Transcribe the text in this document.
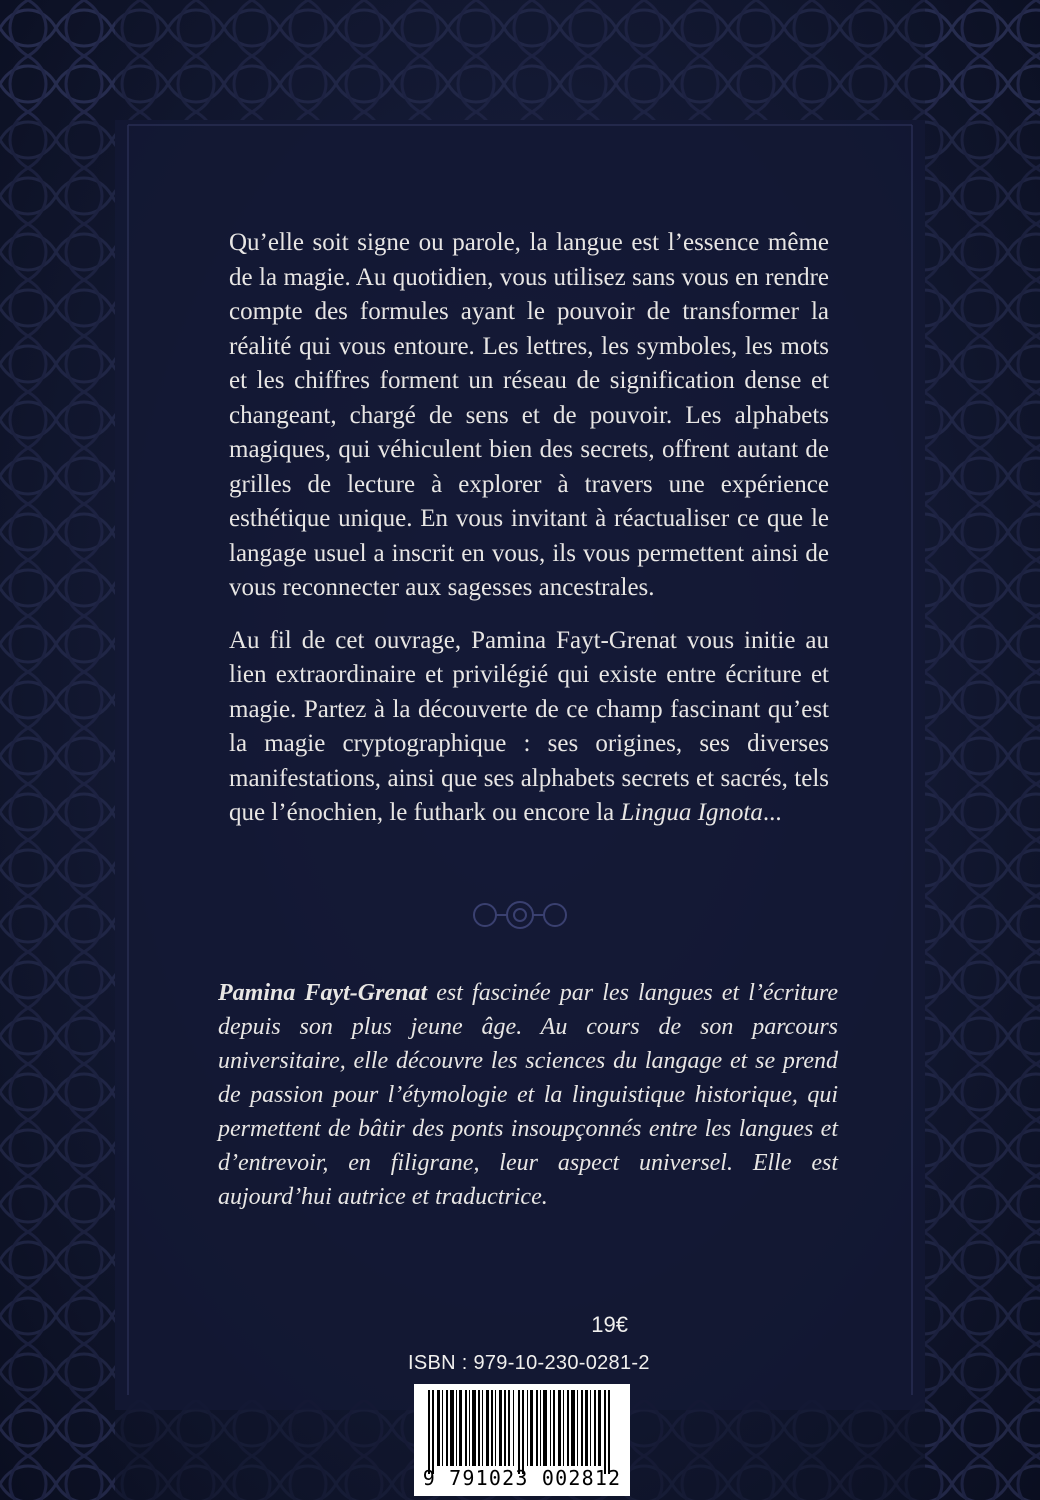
Qu’elle soit signe ou parole, la langue est l’essence même de la magie. Au quotidien, vous utilisez sans vous en rendre compte des formules ayant le pouvoir de transformer la réalité qui vous entoure. Les lettres, les symboles, les mots et les chiffres forment un réseau de signification dense et changeant, chargé de sens et de pouvoir. Les alphabets magiques, qui véhiculent bien des secrets, offrent autant de grilles de lecture à explorer à travers une expérience esthétique unique. En vous invitant à réactualiser ce que le langage usuel a inscrit en vous, ils vous permettent ainsi de vous reconnecter aux sagesses ancestrales.

Au fil de cet ouvrage, Pamina Fayt-Grenat vous initie au lien extraordinaire et privilégié qui existe entre écriture et magie. Partez à la découverte de ce champ fascinant qu’est la magie cryptographique : ses origines, ses diverses manifestations, ainsi que ses alphabets secrets et sacrés, tels que l’énochien, le futhark ou encore la Lingua Ignota...

Pamina Fayt-Grenat est fascinée par les langues et l’écriture depuis son plus jeune âge. Au cours de son parcours universitaire, elle découvre les sciences du langage et se prend de passion pour l’étymologie et la linguistique historique, qui permettent de bâtir des ponts insoupçonnés entre les langues et d’entrevoir, en filigrane, leur aspect universel. Elle est aujourd’hui autrice et traductrice.
19€
ISBN : 979-10-230-0281-2
9 791023 002812
